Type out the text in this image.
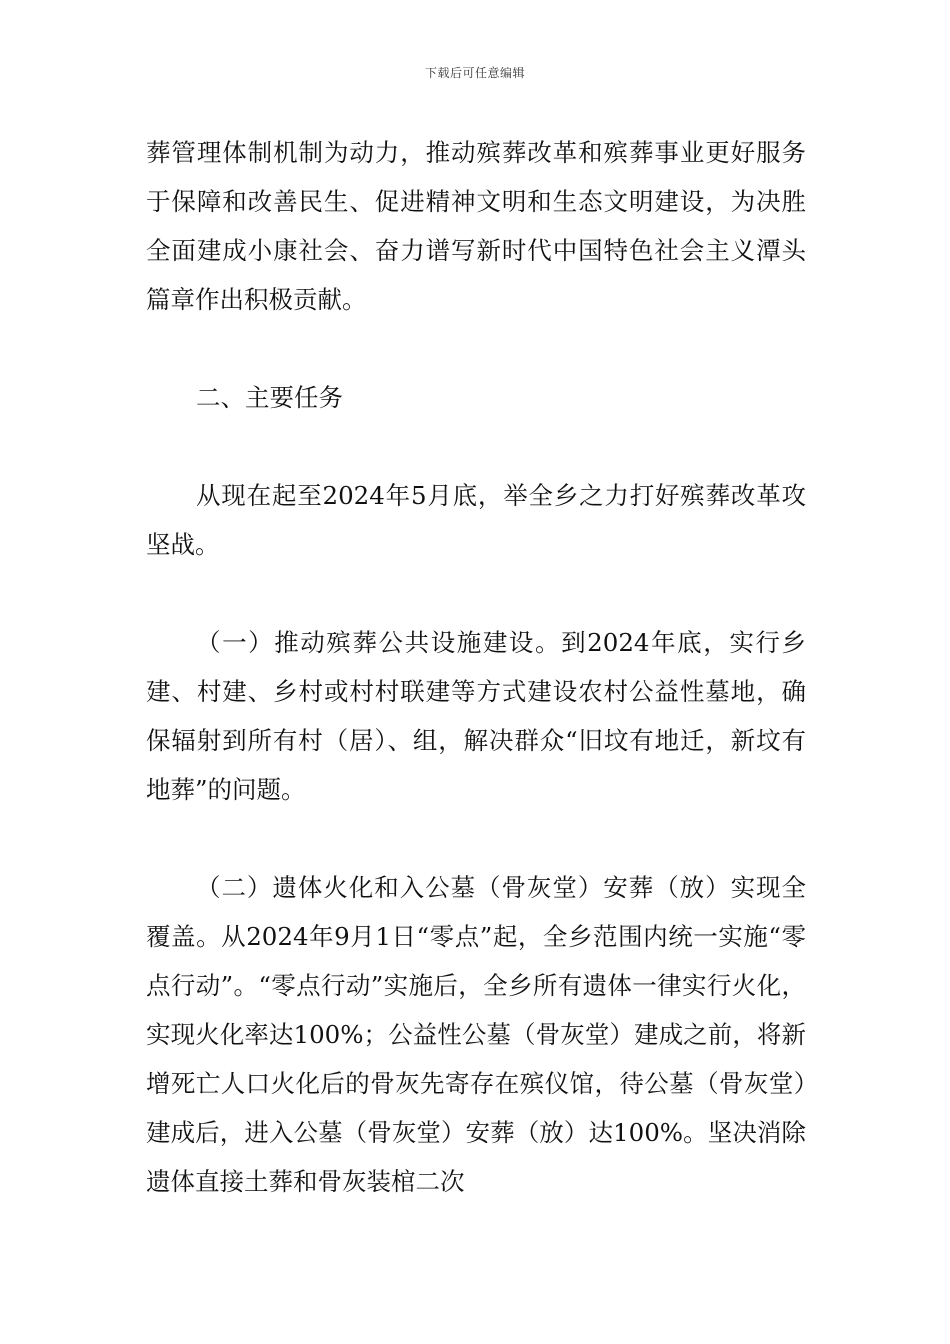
下载后可任意编辑

葬管理体制机制为动力，推动殡葬改革和殡葬事业更好服务于保障和改善民生、促进精神文明和生态文明建设，为决胜全面建成小康社会、奋力谱写新时代中国特色社会主义潭头篇章作出积极贡献。

二、主要任务

从现在起至2024年5月底，举全乡之力打好殡葬改革攻坚战。

（一）推动殡葬公共设施建设。到2024年底，实行乡建、村建、乡村或村村联建等方式建设农村公益性墓地，确保辐射到所有村（居）、组，解决群众“旧坟有地迁，新坟有地葬”的问题。

（二）遗体火化和入公墓（骨灰堂）安葬（放）实现全覆盖。从2024年9月1日“零点”起，全乡范围内统一实施“零点行动”。“零点行动”实施后，全乡所有遗体一律实行火化，实现火化率达100%；公益性公墓（骨灰堂）建成之前，将新增死亡人口火化后的骨灰先寄存在殡仪馆，待公墓（骨灰堂）建成后，进入公墓（骨灰堂）安葬（放）达100%。坚决消除遗体直接土葬和骨灰装棺二次
